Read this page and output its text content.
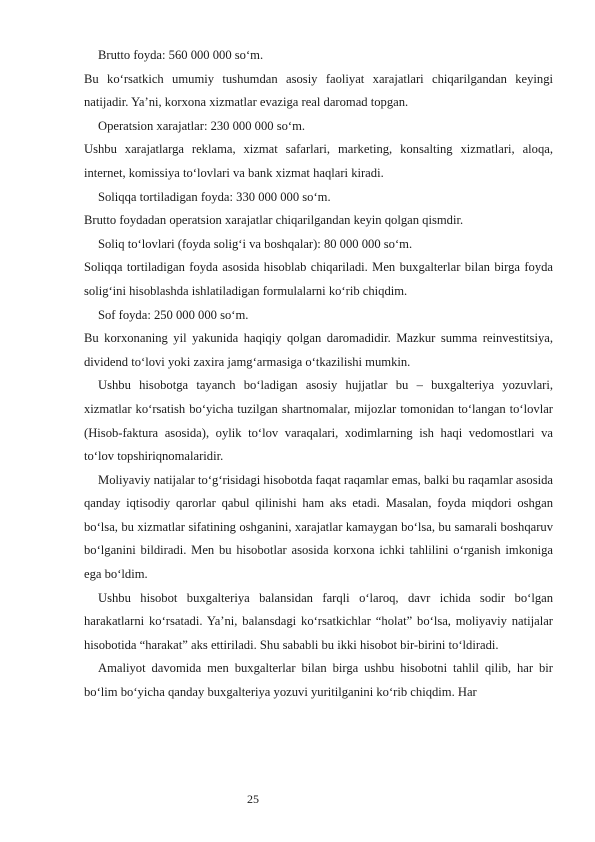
Brutto foyda: 560 000 000 so‘m.

Bu ko‘rsatkich umumiy tushumdan asosiy faoliyat xarajatlari chiqarilgandan keyingi natijadir. Ya’ni, korxona xizmatlar evaziga real daromad topgan.

Operatsion xarajatlar: 230 000 000 so‘m.

Ushbu xarajatlarga reklama, xizmat safarlari, marketing, konsalting xizmatlari, aloqa, internet, komissiya to‘lovlari va bank xizmat haqlari kiradi.

Soliqqa tortiladigan foyda: 330 000 000 so‘m.

Brutto foydadan operatsion xarajatlar chiqarilgandan keyin qolgan qismdir.

Soliq to‘lovlari (foyda solig‘i va boshqalar): 80 000 000 so‘m.

Soliqqa tortiladigan foyda asosida hisoblab chiqariladi. Men buxgalterlar bilan birga foyda solig‘ini hisoblashda ishlatiladigan formulalarni ko‘rib chiqdim.

Sof foyda: 250 000 000 so‘m.

Bu korxonaning yil yakunida haqiqiy qolgan daromadidir. Mazkur summa reinvestitsiya, dividend to‘lovi yoki zaxira jamg‘armasiga o‘tkazilishi mumkin.

Ushbu hisobotga tayanch bo‘ladigan asosiy hujjatlar bu – buxgalteriya yozuvlari, xizmatlar ko‘rsatish bo‘yicha tuzilgan shartnomalar, mijozlar tomonidan to‘langan to‘lovlar (Hisob-faktura asosida), oylik to‘lov varaqalari, xodimlarning ish haqi vedomostlari va to‘lov topshiriqnomalaridir.

Moliyaviy natijalar to‘g‘risidagi hisobotda faqat raqamlar emas, balki bu raqamlar asosida qanday iqtisodiy qarorlar qabul qilinishi ham aks etadi. Masalan, foyda miqdori oshgan bo‘lsa, bu xizmatlar sifatining oshganini, xarajatlar kamaygan bo‘lsa, bu samarali boshqaruv bo‘lganini bildiradi. Men bu hisobotlar asosida korxona ichki tahlilini o‘rganish imkoniga ega bo‘ldim.

Ushbu hisobot buxgalteriya balansidan farqli o‘laroq, davr ichida sodir bo‘lgan harakatlarni ko‘rsatadi. Ya’ni, balansdagi ko‘rsatkichlar “holat” bo‘lsa, moliyaviy natijalar hisobotida “harakat” aks ettiriladi. Shu sababli bu ikki hisobot bir-birini to‘ldiradi.

Amaliyot davomida men buxgalterlar bilan birga ushbu hisobotni tahlil qilib, har bir bo‘lim bo‘yicha qanday buxgalteriya yozuvi yuritilganini ko‘rib chiqdim. Har

25
